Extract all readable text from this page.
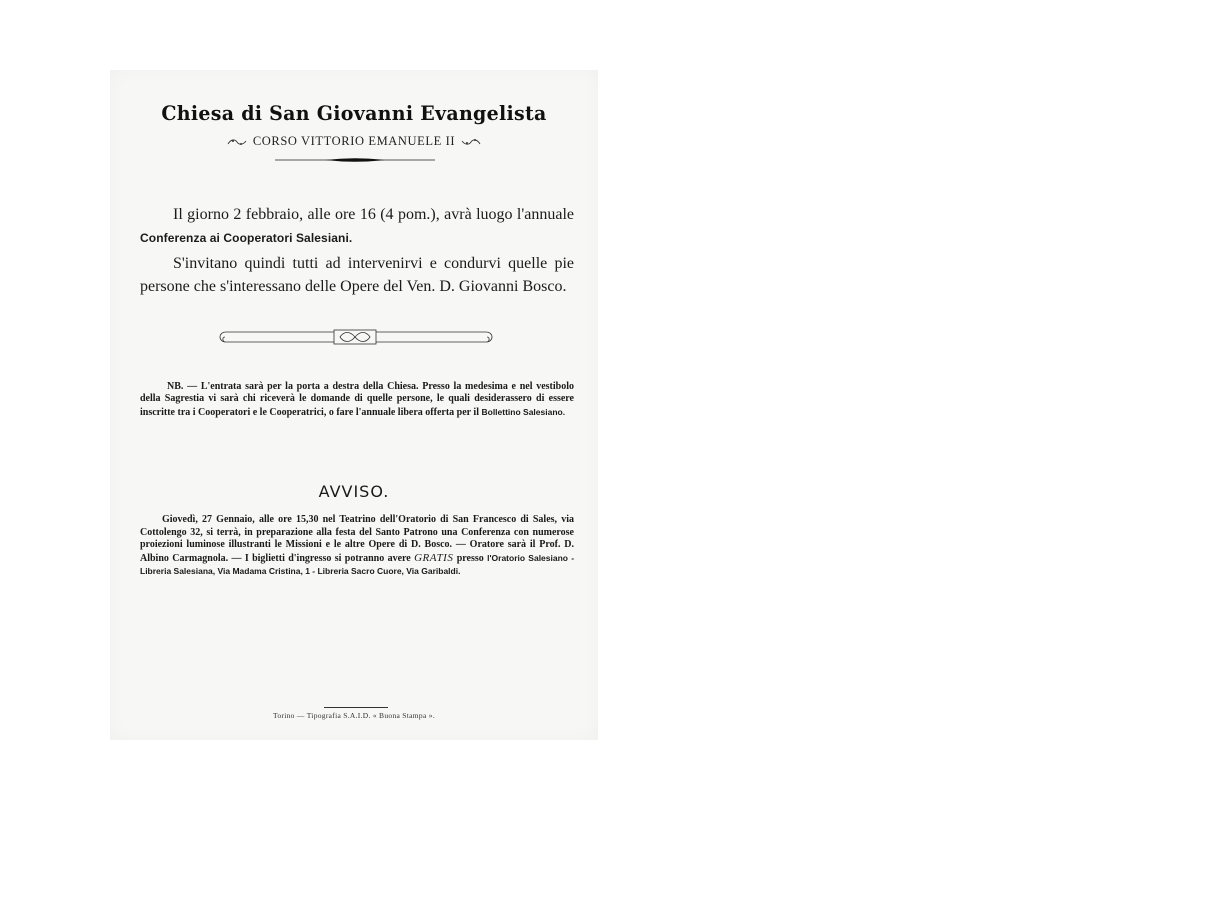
Chiesa di San Giovanni Evangelista
CORSO VITTORIO EMANUELE II
Il giorno 2 febbraio, alle ore 16 (4 pom.), avrà luogo l'annuale Conferenza ai Cooperatori Salesiani.
S'invitano quindi tutti ad intervenirvi e condurvi quelle pie persone che s'interessano delle Opere del Ven. D. Giovanni Bosco.
NB. — L'entrata sarà per la porta a destra della Chiesa. Presso la medesima e nel vestibolo della Sagrestia vi sarà chi riceverà le domande di quelle persone, le quali desiderassero di essere inscritte tra i Cooperatori e le Cooperatrici, o fare l'annuale libera offerta per il Bollettino Salesiano.
AVVISO.
Giovedì, 27 Gennaio, alle ore 15,30 nel Teatrino dell'Oratorio di San Francesco di Sales, via Cottolengo 32, si terrà, in preparazione alla festa del Santo Patrono una Conferenza con numerose proiezioni luminose illustranti le Missioni e le altre Opere di D. Bosco. — Oratore sarà il Prof. D. Albino Carmagnola. — I biglietti d'ingresso si potranno avere GRATIS presso l'Oratorio Salesiano - Libreria Salesiana, Via Madama Cristina, 1 - Libreria Sacro Cuore, Via Garibaldi.
Torino — Tipografia S.A.I.D. « Buona Stampa ».
